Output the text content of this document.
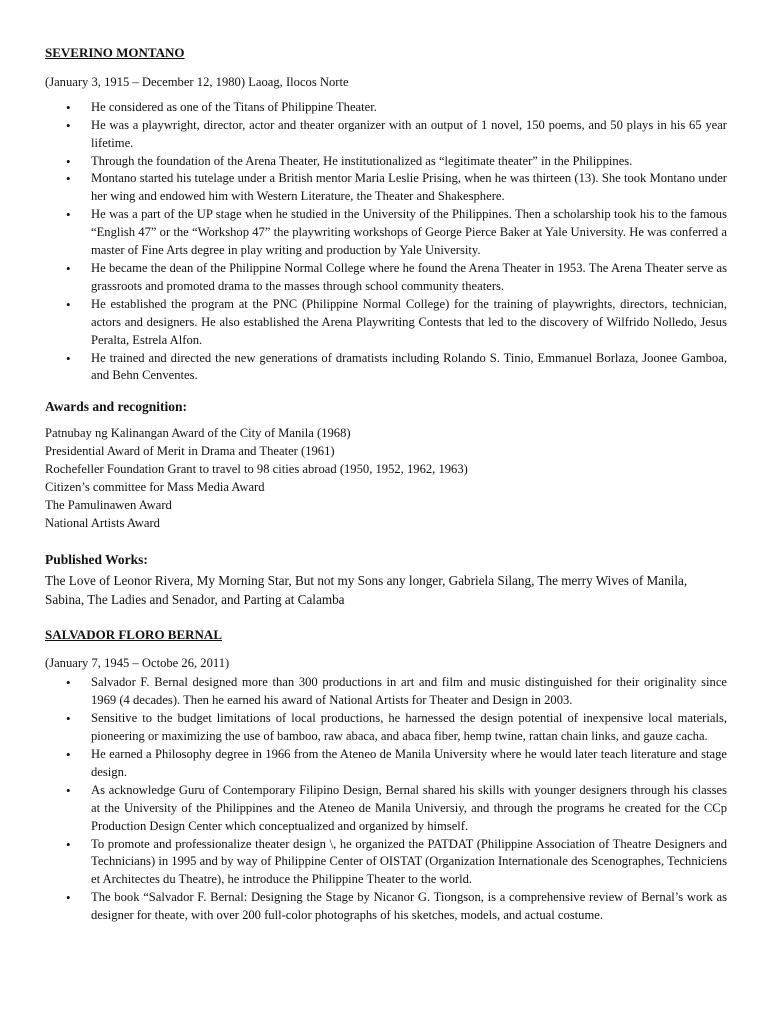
SEVERINO MONTANO

(January 3, 1915 – December 12, 1980) Laoag, Ilocos Norte

• He considered as one of the Titans of Philippine Theater.
• He was a playwright, director, actor and theater organizer with an output of 1 novel, 150 poems, and 50 plays in his 65 year lifetime.
• Through the foundation of the Arena Theater, He institutionalized as “legitimate theater” in the Philippines.
• Montano started his tutelage under a British mentor Maria Leslie Prising, when he was thirteen (13). She took Montano under her wing and endowed him with Western Literature, the Theater and Shakesphere.
• He was a part of the UP stage when he studied in the University of the Philippines. Then a scholarship took his to the famous “English 47” or the “Workshop 47” the playwriting workshops of George Pierce Baker at Yale University. He was conferred a master of Fine Arts degree in play writing and production by Yale University.
• He became the dean of the Philippine Normal College where he found the Arena Theater in 1953. The Arena Theater serve as grassroots and promoted drama to the masses through school community theaters.
• He established the program at the PNC (Philippine Normal College) for the training of playwrights, directors, technician, actors and designers. He also established the Arena Playwriting Contests that led to the discovery of Wilfrido Nolledo, Jesus Peralta, Estrela Alfon.
• He trained and directed the new generations of dramatists including Rolando S. Tinio, Emmanuel Borlaza, Joonee Gamboa, and Behn Cenventes.

Awards and recognition:

Patnubay ng Kalinangan Award of the City of Manila (1968)

Presidential Award of Merit in Drama and Theater (1961)

Rochefeller Foundation Grant to travel to 98 cities abroad (1950, 1952, 1962, 1963)

Citizen’s committee for Mass Media Award

The Pamulinawen Award

National Artists Award

Published Works:

The Love of Leonor Rivera, My Morning Star, But not my Sons any longer, Gabriela Silang, The merry Wives of Manila, Sabina, The Ladies and Senador, and Parting at Calamba

SALVADOR FLORO BERNAL

(January 7, 1945 – Octobe 26, 2011)

• Salvador F. Bernal designed more than 300 productions in art and film and music distinguished for their originality since 1969 (4 decades). Then he earned his award of National Artists for Theater and Design in 2003.
• Sensitive to the budget limitations of local productions, he harnessed the design potential of inexpensive local materials, pioneering or maximizing the use of bamboo, raw abaca, and abaca fiber, hemp twine, rattan chain links, and gauze cacha.
• He earned a Philosophy degree in 1966 from the Ateneo de Manila University where he would later teach literature and stage design.
• As acknowledge Guru of Contemporary Filipino Design, Bernal shared his skills with younger designers through his classes at the University of the Philippines and the Ateneo de Manila Universiy, and through the programs he created for the CCp Production Design Center which conceptualized and organized by himself.
• To promote and professionalize theater design \, he organized the PATDAT (Philippine Association of Theatre Designers and Technicians) in 1995 and by way of Philippine Center of OISTAT (Organization Internationale des Scenographes, Techniciens et Architectes du Theatre), he introduce the Philippine Theater to the world.
• The book “Salvador F. Bernal: Designing the Stage by Nicanor G. Tiongson, is a comprehensive review of Bernal’s work as designer for theate, with over 200 full-color photographs of his sketches, models, and actual costume.
